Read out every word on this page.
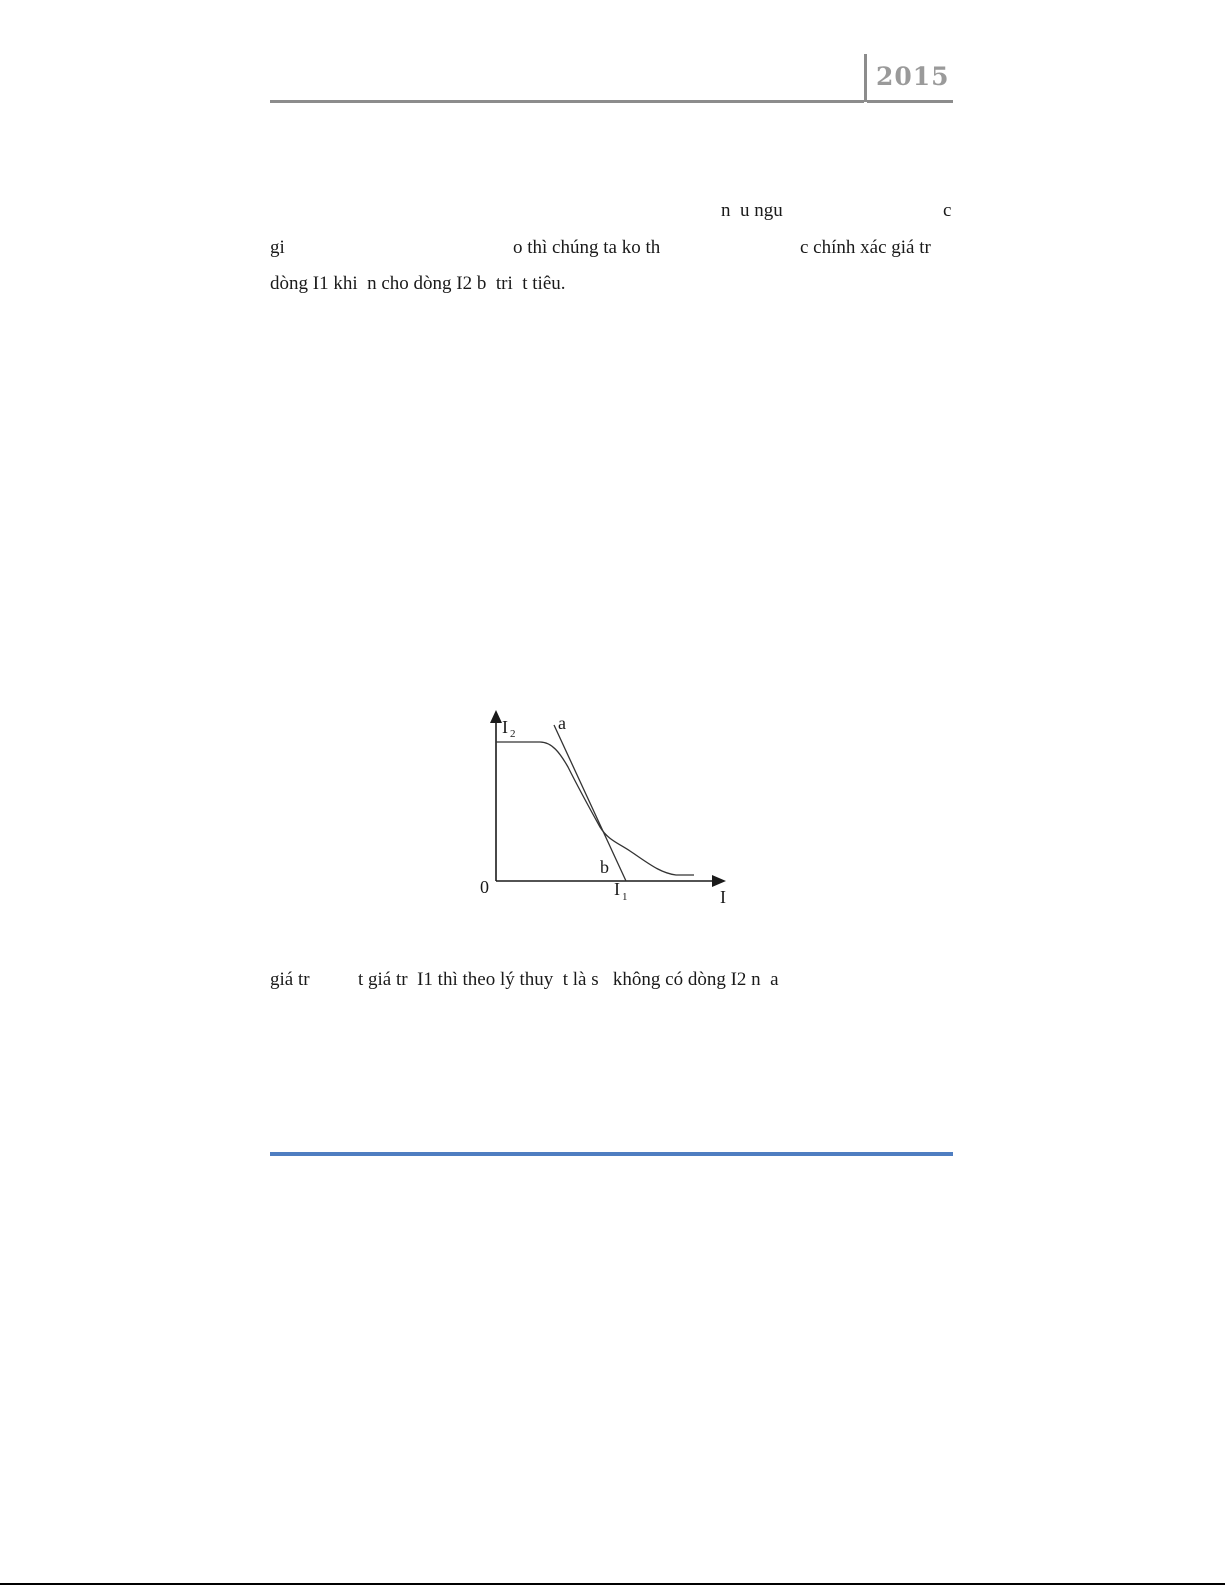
2015
n  u ngu	c
gi	o thì chúng ta ko th	c chính xác giá tr
dòng I1 khi  n cho dòng I2 b  tri  t tiêu.
I 2
a
b
0	I 1	I
giá tr	t giá tr  I1 thì theo lý thuy  t là s   không có dòng I2 n  a
